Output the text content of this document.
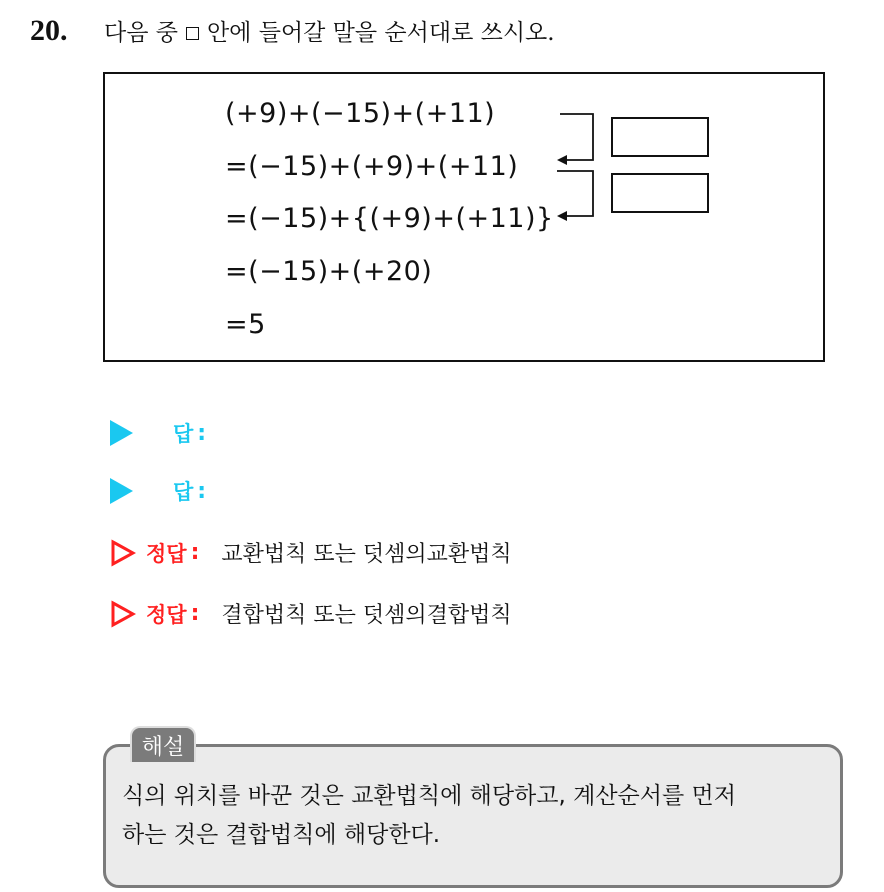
20.	다음 중 안에 들어갈 말을 순서대로 쓰시오.
(+9)+(−15)+(+11)
=(−15)+(+9)+(+11)
=(−15)+{(+9)+(+11)}
=(−15)+(+20)
=5
답 :
답 :
정답 : 교환법칙 또는 덧셈의교환법칙
정답 : 결합법칙 또는 덧셈의결합법칙
해설
식의 위치를 바꾼 것은 교환법칙에 해당하고, 계산순서를 먼저
하는 것은 결합법칙에 해당한다.
